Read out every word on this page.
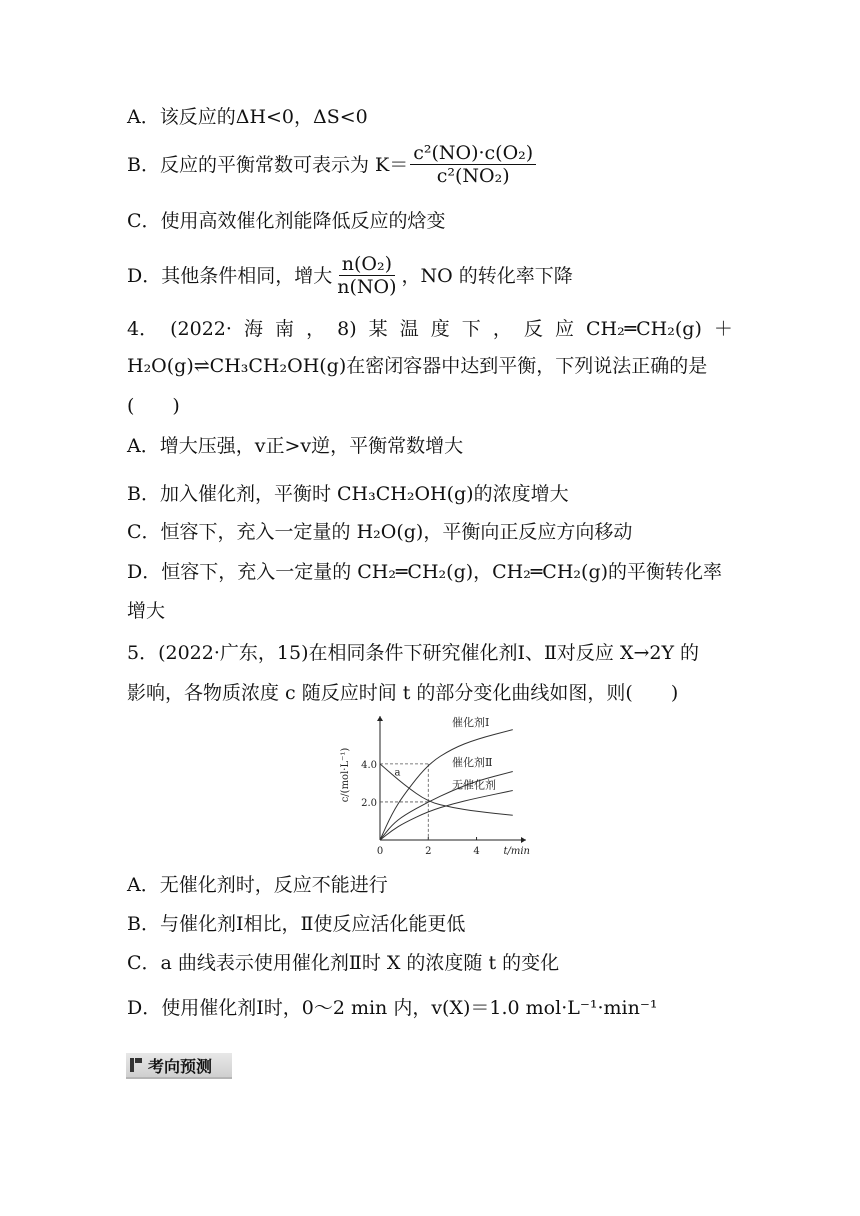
A．该反应的ΔH<0，ΔS<0
B．反应的平衡常数可表示为 $K= \frac{\text{c²(NO)·c(O₂)}}{\text{c²(NO₂)}}$
C．使用高效催化剂能降低反应的焓变
D．其他条件相同，增大 $\frac{\text{n(O₂)}}{n(NO)}$ ，NO 的转化率下降
4． (2022· 海 南 ， 8) 某 温 度 下 ， 反 应 CH₂═CH₂(g) ＋
H₂O(g)⇌CH₃CH₂OH(g)在密闭容器中达到平衡，下列说法正确的是
(　　)
A．增大压强，v正>v逆，平衡常数增大
B．加入催化剂，平衡时 CH₃CH₂OH(g)的浓度增大
C．恒容下，充入一定量的 H₂O(g)，平衡向正反应方向移动
D．恒容下，充入一定量的 CH₂═CH₂(g)，CH₂═CH₂(g)的平衡转化率
增大
5．(2022·广东，15)在相同条件下研究催化剂Ⅰ、Ⅱ对反应 X→2Y 的
影响，各物质浓度 c 随反应时间 t 的部分变化曲线如图，则(　　)
0	2	4
2.0
4.0
t/min
c/(mol·L⁻¹)	a
催化剂Ⅰ
催化剂Ⅱ
无催化剂
A．无催化剂时，反应不能进行
B．与催化剂Ⅰ相比，Ⅱ使反应活化能更低
C．a 曲线表示使用催化剂Ⅱ时 X 的浓度随 t 的变化
D．使用催化剂Ⅰ时，0～2 min 内，v(X)＝1.0 mol·L⁻¹·min⁻¹
考向预测
